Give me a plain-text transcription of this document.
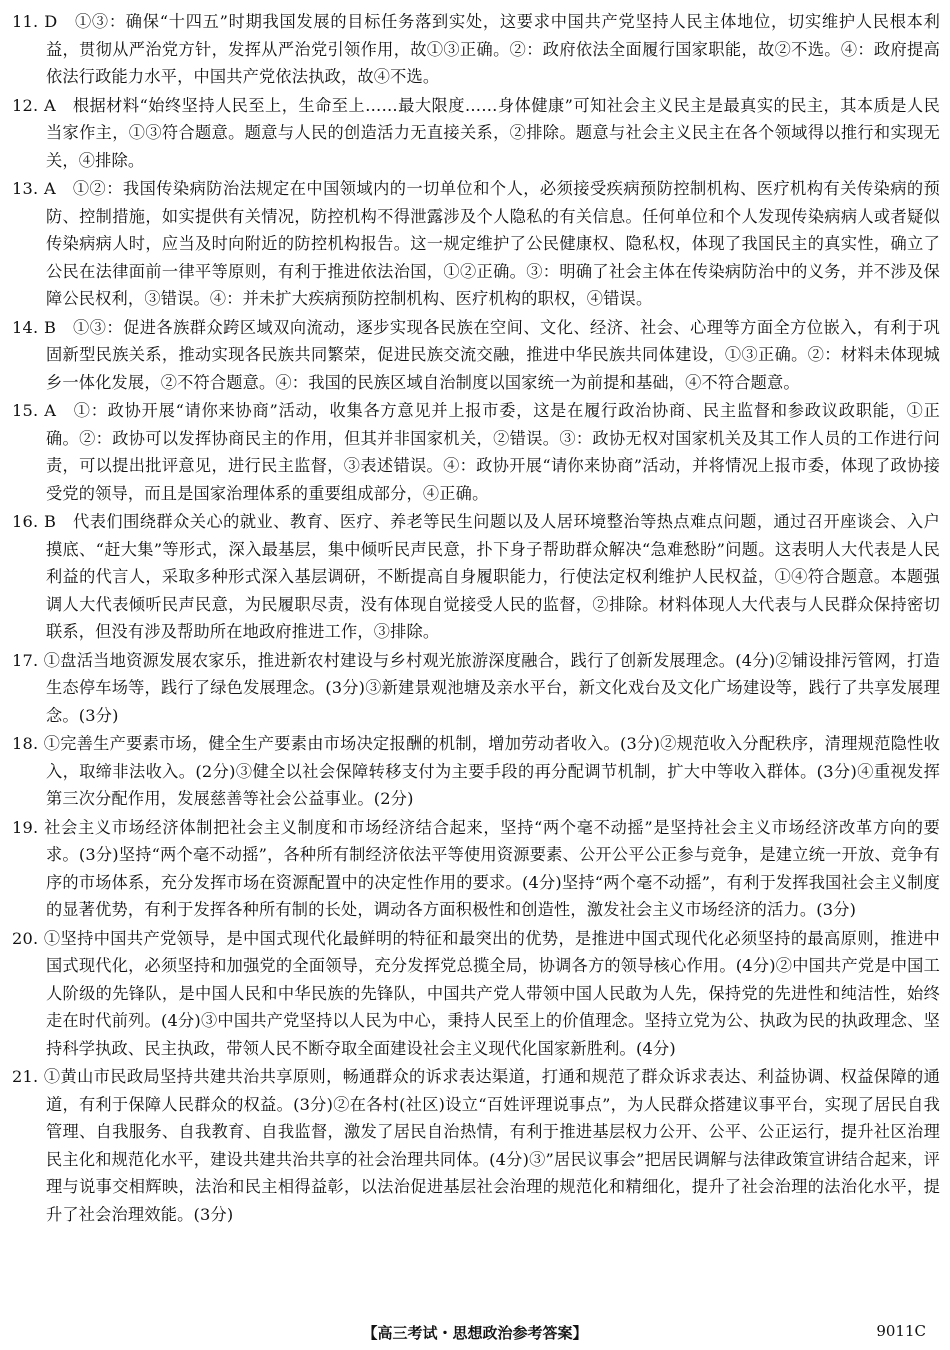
11. D　①③：确保“十四五”时期我国发展的目标任务落到实处，这要求中国共产党坚持人民主体地位，切实维护人民根本利益，贯彻从严治党方针，发挥从严治党引领作用，故①③正确。②：政府依法全面履行国家职能，故②不选。④：政府提高依法行政能力水平，中国共产党依法执政，故④不选。

12. A　根据材料“始终坚持人民至上，生命至上……最大限度……身体健康”可知社会主义民主是最真实的民主，其本质是人民当家作主，①③符合题意。题意与人民的创造活力无直接关系，②排除。题意与社会主义民主在各个领域得以推行和实现无关，④排除。

13. A　①②：我国传染病防治法规定在中国领域内的一切单位和个人，必须接受疾病预防控制机构、医疗机构有关传染病的预防、控制措施，如实提供有关情况，防控机构不得泄露涉及个人隐私的有关信息。任何单位和个人发现传染病病人或者疑似传染病病人时，应当及时向附近的防控机构报告。这一规定维护了公民健康权、隐私权，体现了我国民主的真实性，确立了公民在法律面前一律平等原则，有利于推进依法治国，①②正确。③：明确了社会主体在传染病防治中的义务，并不涉及保障公民权利，③错误。④：并未扩大疾病预防控制机构、医疗机构的职权，④错误。

14. B　①③：促进各族群众跨区域双向流动，逐步实现各民族在空间、文化、经济、社会、心理等方面全方位嵌入，有利于巩固新型民族关系，推动实现各民族共同繁荣，促进民族交流交融，推进中华民族共同体建设，①③正确。②：材料未体现城乡一体化发展，②不符合题意。④：我国的民族区域自治制度以国家统一为前提和基础，④不符合题意。

15. A　①：政协开展“请你来协商”活动，收集各方意见并上报市委，这是在履行政治协商、民主监督和参政议政职能，①正确。②：政协可以发挥协商民主的作用，但其并非国家机关，②错误。③：政协无权对国家机关及其工作人员的工作进行问责，可以提出批评意见，进行民主监督，③表述错误。④：政协开展“请你来协商”活动，并将情况上报市委，体现了政协接受党的领导，而且是国家治理体系的重要组成部分，④正确。

16. B　代表们围绕群众关心的就业、教育、医疗、养老等民生问题以及人居环境整治等热点难点问题，通过召开座谈会、入户摸底、“赶大集”等形式，深入最基层，集中倾听民声民意，扑下身子帮助群众解决“急难愁盼”问题。这表明人大代表是人民利益的代言人，采取多种形式深入基层调研，不断提高自身履职能力，行使法定权利维护人民权益，①④符合题意。本题强调人大代表倾听民声民意，为民履职尽责，没有体现自觉接受人民的监督，②排除。材料体现人大代表与人民群众保持密切联系，但没有涉及帮助所在地政府推进工作，③排除。

17. ①盘活当地资源发展农家乐，推进新农村建设与乡村观光旅游深度融合，践行了创新发展理念。(4分)②铺设排污管网，打造生态停车场等，践行了绿色发展理念。(3分)③新建景观池塘及亲水平台，新文化戏台及文化广场建设等，践行了共享发展理念。(3分)

18. ①完善生产要素市场，健全生产要素由市场决定报酬的机制，增加劳动者收入。(3分)②规范收入分配秩序，清理规范隐性收入，取缔非法收入。(2分)③健全以社会保障转移支付为主要手段的再分配调节机制，扩大中等收入群体。(3分)④重视发挥第三次分配作用，发展慈善等社会公益事业。(2分)

19. 社会主义市场经济体制把社会主义制度和市场经济结合起来，坚持“两个毫不动摇”是坚持社会主义市场经济改革方向的要求。(3分)坚持“两个毫不动摇”，各种所有制经济依法平等使用资源要素、公开公平公正参与竞争，是建立统一开放、竞争有序的市场体系，充分发挥市场在资源配置中的决定性作用的要求。(4分)坚持“两个毫不动摇”，有利于发挥我国社会主义制度的显著优势，有利于发挥各种所有制的长处，调动各方面积极性和创造性，激发社会主义市场经济的活力。(3分)

20. ①坚持中国共产党领导，是中国式现代化最鲜明的特征和最突出的优势，是推进中国式现代化必须坚持的最高原则，推进中国式现代化，必须坚持和加强党的全面领导，充分发挥党总揽全局，协调各方的领导核心作用。(4分)②中国共产党是中国工人阶级的先锋队，是中国人民和中华民族的先锋队，中国共产党人带领中国人民敢为人先，保持党的先进性和纯洁性，始终走在时代前列。(4分)③中国共产党坚持以人民为中心，秉持人民至上的价值理念。坚持立党为公、执政为民的执政理念、坚持科学执政、民主执政，带领人民不断夺取全面建设社会主义现代化国家新胜利。(4分)

21. ①黄山市民政局坚持共建共治共享原则，畅通群众的诉求表达渠道，打通和规范了群众诉求表达、利益协调、权益保障的通道，有利于保障人民群众的权益。(3分)②在各村(社区)设立“百姓评理说事点”，为人民群众搭建议事平台，实现了居民自我管理、自我服务、自我教育、自我监督，激发了居民自治热情，有利于推进基层权力公开、公平、公正运行，提升社区治理民主化和规范化水平，建设共建共治共享的社会治理共同体。(4分)③”居民议事会”把居民调解与法律政策宣讲结合起来，评理与说事交相辉映，法治和民主相得益彰，以法治促进基层社会治理的规范化和精细化，提升了社会治理的法治化水平，提升了社会治理效能。(3分)

【高三考试・思想政治参考答案】	9011C
